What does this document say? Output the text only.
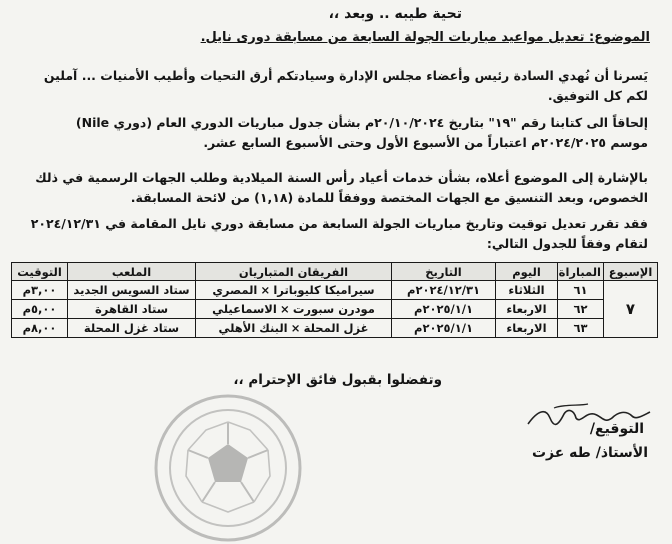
تحية طيبه .. وبعد ،،
الموضوع: تعديل مواعيد مباريات الجولة السابعة من مسابقة دورى نايل.
يَسرنا أن نُهدي السادة رئيس وأعضاء مجلس الإدارة وسيادتكم أرق التحيات وأطيب الأمنيات ... آملين
لكم كل التوفيق.
إلحاقاً الى كتابنا رقم "١٩" بتاريخ ٢٠/١٠/٢٠٢٤م بشأن جدول مباريات الدوري العام (دوري Nile)
موسم ٢٠٢٤/٢٠٢٥م اعتباراً من الأسبوع الأول وحتى الأسبوع السابع عشر.
بالإشارة إلى الموضوع أعلاه، بشأن خدمات أعياد رأس السنة الميلادية وطلب الجهات الرسمية في ذلك
الخصوص، وبعد التنسيق مع الجهات المختصة ووفقاً للمادة (١,١٨) من لائحة المسابقة.
فقد تقرر تعديل توقيت وتاريخ مباريات الجولة السابعة من مسابقة دوري نايل المقامة في ٢٠٢٤/١٢/٣١
لتقام وفقاً للجدول التالي:
الإسبوع	المباراة	اليوم	التاريخ	الفريقان المتباريان	الملعب	التوقيت
٧	٦١	الثلاثاء	٢٠٢٤/١٢/٣١م	سيراميكا كليوباترا×المصري	ستاد السويس الجديد	٣,٠٠م
	٦٢	الاربعاء	٢٠٢٥/١/١م	مودرن سبورت×الاسماعيلي	ستاد القاهرة	٥,٠٠م
	٦٣	الاربعاء	٢٠٢٥/١/١م	غزل المحلة×البنك الأهلي	ستاد غزل المحلة	٨,٠٠م
وتفضلوا بقبول فائق الإحترام ،،
التوقيع/
الأستاذ/ طه عزت
